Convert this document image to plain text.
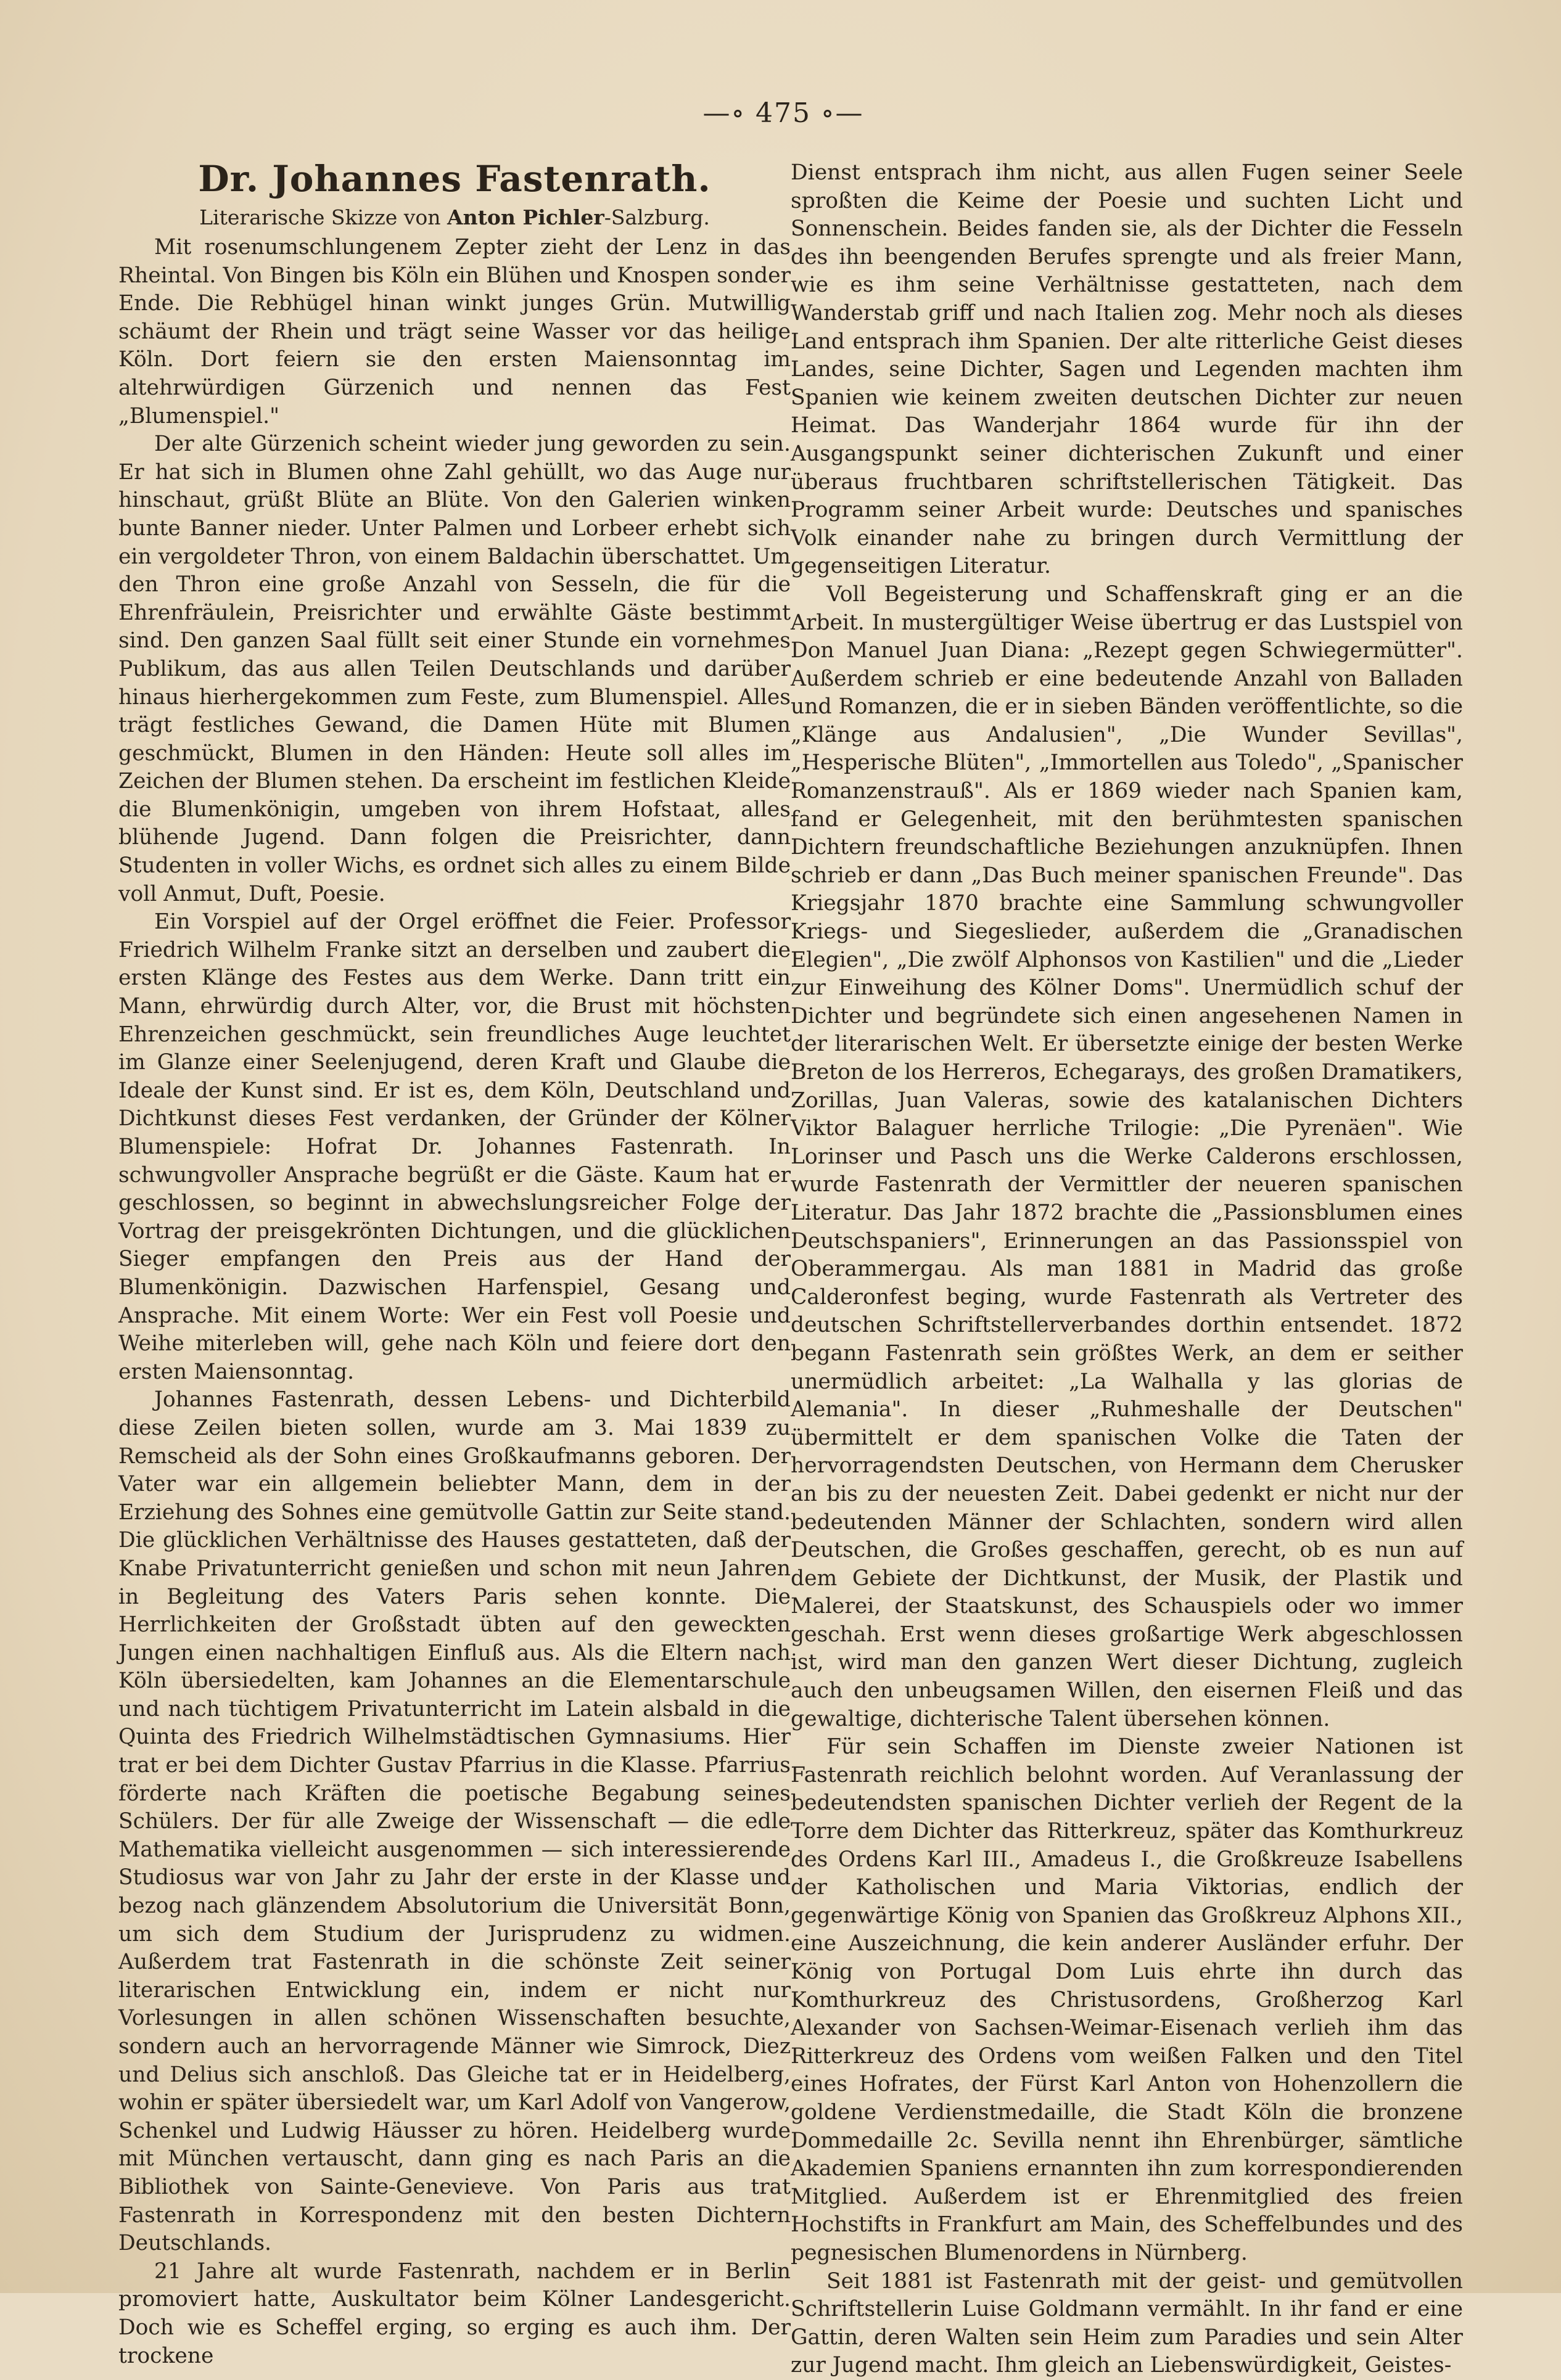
—∘ 475 ∘—
Dr. Johannes Fastenrath.

Literarische Skizze von Anton Pichler-Salzburg.

Mit rosenumschlungenem Zepter zieht der Lenz in das Rheintal. Von Bingen bis Köln ein Blühen und Knospen sonder Ende. Die Rebhügel hinan winkt junges Grün. Mutwillig schäumt der Rhein und trägt seine Wasser vor das heilige Köln. Dort feiern sie den ersten Maiensonntag im altehrwürdigen Gürzenich und nennen das Fest „Blumenspiel."

Der alte Gürzenich scheint wieder jung geworden zu sein. Er hat sich in Blumen ohne Zahl gehüllt, wo das Auge nur hinschaut, grüßt Blüte an Blüte. Von den Galerien winken bunte Banner nieder. Unter Palmen und Lorbeer erhebt sich ein vergoldeter Thron, von einem Baldachin überschattet. Um den Thron eine große Anzahl von Sesseln, die für die Ehrenfräulein, Preisrichter und erwählte Gäste bestimmt sind. Den ganzen Saal füllt seit einer Stunde ein vornehmes Publikum, das aus allen Teilen Deutschlands und darüber hinaus hierhergekommen zum Feste, zum Blumenspiel. Alles trägt festliches Gewand, die Damen Hüte mit Blumen geschmückt, Blumen in den Händen: Heute soll alles im Zeichen der Blumen stehen. Da erscheint im festlichen Kleide die Blumenkönigin, umgeben von ihrem Hofstaat, alles blühende Jugend. Dann folgen die Preisrichter, dann Studenten in voller Wichs, es ordnet sich alles zu einem Bilde voll Anmut, Duft, Poesie.

Ein Vorspiel auf der Orgel eröffnet die Feier. Professor Friedrich Wilhelm Franke sitzt an derselben und zaubert die ersten Klänge des Festes aus dem Werke. Dann tritt ein Mann, ehrwürdig durch Alter, vor, die Brust mit höchsten Ehrenzeichen geschmückt, sein freundliches Auge leuchtet im Glanze einer Seelenjugend, deren Kraft und Glaube die Ideale der Kunst sind. Er ist es, dem Köln, Deutschland und Dichtkunst dieses Fest verdanken, der Gründer der Kölner Blumenspiele: Hofrat Dr. Johannes Fastenrath. In schwungvoller Ansprache begrüßt er die Gäste. Kaum hat er geschlossen, so beginnt in abwechslungsreicher Folge der Vortrag der preisgekrönten Dichtungen, und die glücklichen Sieger empfangen den Preis aus der Hand der Blumenkönigin. Dazwischen Harfenspiel, Gesang und Ansprache. Mit einem Worte: Wer ein Fest voll Poesie und Weihe miterleben will, gehe nach Köln und feiere dort den ersten Maiensonntag.

Johannes Fastenrath, dessen Lebens- und Dichterbild diese Zeilen bieten sollen, wurde am 3. Mai 1839 zu Remscheid als der Sohn eines Großkaufmanns geboren. Der Vater war ein allgemein beliebter Mann, dem in der Erziehung des Sohnes eine gemütvolle Gattin zur Seite stand. Die glücklichen Verhältnisse des Hauses gestatteten, daß der Knabe Privatunterricht genießen und schon mit neun Jahren in Begleitung des Vaters Paris sehen konnte. Die Herrlichkeiten der Großstadt übten auf den geweckten Jungen einen nachhaltigen Einfluß aus. Als die Eltern nach Köln übersiedelten, kam Johannes an die Elementarschule und nach tüchtigem Privatunterricht im Latein alsbald in die Quinta des Friedrich Wilhelmstädtischen Gymnasiums. Hier trat er bei dem Dichter Gustav Pfarrius in die Klasse. Pfarrius förderte nach Kräften die poetische Begabung seines Schülers. Der für alle Zweige der Wissenschaft — die edle Mathematika vielleicht ausgenommen — sich interessierende Studiosus war von Jahr zu Jahr der erste in der Klasse und bezog nach glänzendem Absolutorium die Universität Bonn, um sich dem Studium der Jurisprudenz zu widmen. Außerdem trat Fastenrath in die schönste Zeit seiner literarischen Entwicklung ein, indem er nicht nur Vorlesungen in allen schönen Wissenschaften besuchte, sondern auch an hervorragende Männer wie Simrock, Diez und Delius sich anschloß. Das Gleiche tat er in Heidelberg, wohin er später übersiedelt war, um Karl Adolf von Vangerow, Schenkel und Ludwig Häusser zu hören. Heidelberg wurde mit München vertauscht, dann ging es nach Paris an die Bibliothek von Sainte-Genevieve. Von Paris aus trat Fastenrath in Korrespondenz mit den besten Dichtern Deutschlands.

21 Jahre alt wurde Fastenrath, nachdem er in Berlin promoviert hatte, Auskultator beim Kölner Landesgericht. Doch wie es Scheffel erging, so erging es auch ihm. Der trockene

Dienst entsprach ihm nicht, aus allen Fugen seiner Seele sproßten die Keime der Poesie und suchten Licht und Sonnenschein. Beides fanden sie, als der Dichter die Fesseln des ihn beengenden Berufes sprengte und als freier Mann, wie es ihm seine Verhältnisse gestatteten, nach dem Wanderstab griff und nach Italien zog. Mehr noch als dieses Land entsprach ihm Spanien. Der alte ritterliche Geist dieses Landes, seine Dichter, Sagen und Legenden machten ihm Spanien wie keinem zweiten deutschen Dichter zur neuen Heimat. Das Wanderjahr 1864 wurde für ihn der Ausgangspunkt seiner dichterischen Zukunft und einer überaus fruchtbaren schriftstellerischen Tätigkeit. Das Programm seiner Arbeit wurde: Deutsches und spanisches Volk einander nahe zu bringen durch Vermittlung der gegenseitigen Literatur.

Voll Begeisterung und Schaffenskraft ging er an die Arbeit. In mustergültiger Weise übertrug er das Lustspiel von Don Manuel Juan Diana: „Rezept gegen Schwiegermütter". Außerdem schrieb er eine bedeutende Anzahl von Balladen und Romanzen, die er in sieben Bänden veröffentlichte, so die „Klänge aus Andalusien", „Die Wunder Sevillas", „Hesperische Blüten", „Immortellen aus Toledo", „Spanischer Romanzenstrauß". Als er 1869 wieder nach Spanien kam, fand er Gelegenheit, mit den berühmtesten spanischen Dichtern freundschaftliche Beziehungen anzuknüpfen. Ihnen schrieb er dann „Das Buch meiner spanischen Freunde". Das Kriegsjahr 1870 brachte eine Sammlung schwungvoller Kriegs- und Siegeslieder, außerdem die „Granadischen Elegien", „Die zwölf Alphonsos von Kastilien" und die „Lieder zur Einweihung des Kölner Doms". Unermüdlich schuf der Dichter und begründete sich einen angesehenen Namen in der literarischen Welt. Er übersetzte einige der besten Werke Breton de los Herreros, Echegarays, des großen Dramatikers, Zorillas, Juan Valeras, sowie des katalanischen Dichters Viktor Balaguer herrliche Trilogie: „Die Pyrenäen". Wie Lorinser und Pasch uns die Werke Calderons erschlossen, wurde Fastenrath der Vermittler der neueren spanischen Literatur. Das Jahr 1872 brachte die „Passionsblumen eines Deutschspaniers", Erinnerungen an das Passionsspiel von Oberammergau. Als man 1881 in Madrid das große Calderonfest beging, wurde Fastenrath als Vertreter des deutschen Schriftstellerverbandes dorthin entsendet. 1872 begann Fastenrath sein größtes Werk, an dem er seither unermüdlich arbeitet: „La Walhalla y las glorias de Alemania". In dieser „Ruhmeshalle der Deutschen" übermittelt er dem spanischen Volke die Taten der hervorragendsten Deutschen, von Hermann dem Cherusker an bis zu der neuesten Zeit. Dabei gedenkt er nicht nur der bedeutenden Männer der Schlachten, sondern wird allen Deutschen, die Großes geschaffen, gerecht, ob es nun auf dem Gebiete der Dichtkunst, der Musik, der Plastik und Malerei, der Staatskunst, des Schauspiels oder wo immer geschah. Erst wenn dieses großartige Werk abgeschlossen ist, wird man den ganzen Wert dieser Dichtung, zugleich auch den unbeugsamen Willen, den eisernen Fleiß und das gewaltige, dichterische Talent übersehen können.

Für sein Schaffen im Dienste zweier Nationen ist Fastenrath reichlich belohnt worden. Auf Veranlassung der bedeutendsten spanischen Dichter verlieh der Regent de la Torre dem Dichter das Ritterkreuz, später das Komthurkreuz des Ordens Karl III., Amadeus I., die Großkreuze Isabellens der Katholischen und Maria Viktorias, endlich der gegenwärtige König von Spanien das Großkreuz Alphons XII., eine Auszeichnung, die kein anderer Ausländer erfuhr. Der König von Portugal Dom Luis ehrte ihn durch das Komthurkreuz des Christusordens, Großherzog Karl Alexander von Sachsen-Weimar-Eisenach verlieh ihm das Ritterkreuz des Ordens vom weißen Falken und den Titel eines Hofrates, der Fürst Karl Anton von Hohenzollern die goldene Verdienstmedaille, die Stadt Köln die bronzene Dommedaille 2c. Sevilla nennt ihn Ehrenbürger, sämtliche Akademien Spaniens ernannten ihn zum korrespondierenden Mitglied. Außerdem ist er Ehrenmitglied des freien Hochstifts in Frankfurt am Main, des Scheffelbundes und des pegnesischen Blumenordens in Nürnberg.

Seit 1881 ist Fastenrath mit der geist- und gemütvollen Schriftstellerin Luise Goldmann vermählt. In ihr fand er eine Gattin, deren Walten sein Heim zum Paradies und sein Alter zur Jugend macht. Ihm gleich an Liebenswürdigkeit, Geistes-
